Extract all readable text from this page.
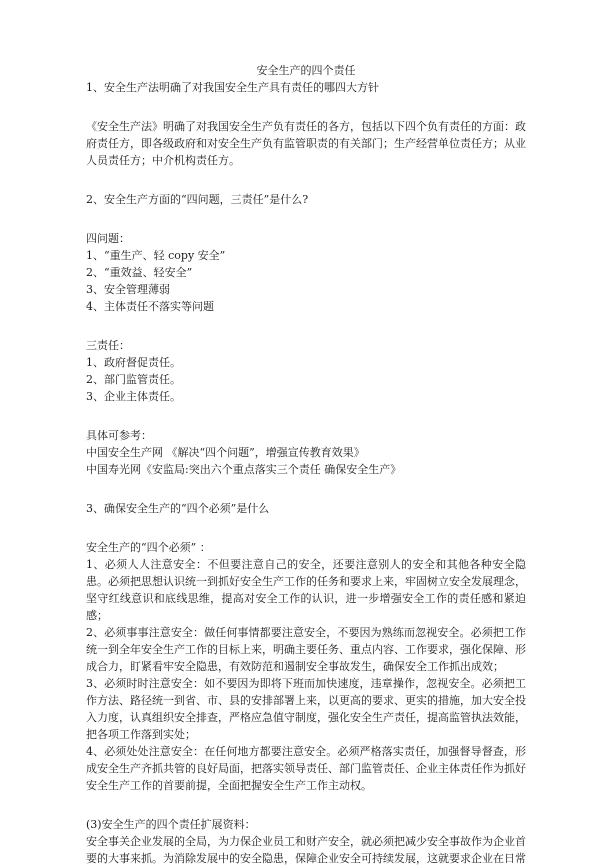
安全生产的四个责任

1、安全生产法明确了对我国安全生产具有责任的哪四大方针

《安全生产法》明确了对我国安全生产负有责任的各方，包括以下四个负有责任的方面：政府责任方，即各级政府和对安全生产负有监管职责的有关部门；生产经营单位责任方；从业人员责任方；中介机构责任方。

2、安全生产方面的“四问题，三责任”是什么?

四问题：

1、“重生产、轻 copy 安全”
2、“重效益、轻安全”
3、安全管理薄弱
4、主体责任不落实等问题

三责任：

1、政府督促责任。
2、部门监管责任。
3、企业主体责任。

具体可参考：

中国安全生产网 《解决“四个问题”，增强宣传教育效果》

中国寿光网《安监局:突出六个重点落实三个责任 确保安全生产》

3、确保安全生产的“四个必须”是什么

安全生产的“四个必须” ：

1、必须人人注意安全：不但要注意自己的安全，还要注意别人的安全和其他各种安全隐患。必须把思想认识统一到抓好安全生产工作的任务和要求上来，牢固树立安全发展理念，坚守红线意识和底线思维，提高对安全工作的认识，进一步增强安全工作的责任感和紧迫感；

2、必须事事注意安全：做任何事情都要注意安全，不要因为熟练而忽视安全。必须把工作统一到全年安全生产工作的目标上来，明确主要任务、重点内容、工作要求，强化保障、形成合力，盯紧看牢安全隐患，有效防范和遏制安全事故发生，确保安全工作抓出成效；

3、必须时时注意安全：如不要因为即将下班而加快速度，违章操作，忽视安全。必须把工作方法、路径统一到省、市、县的安排部署上来，以更高的要求、更实的措施，加大安全投入力度，认真组织安全排查，严格应急值守制度，强化安全生产责任，提高监管执法效能，把各项工作落到实处；

4、必须处处注意安全：在任何地方都要注意安全。必须严格落实责任，加强督导督查，形成安全生产齐抓共管的良好局面，把落实领导责任、部门监管责任、企业主体责任作为抓好安全生产工作的首要前提，全面把握安全生产工作主动权。

(3)安全生产的四个责任扩展资料：

安全事关企业发展的全局，为力保企业员工和财产安全，就必须把减少安全事故作为企业首要的大事来抓。为消除发展中的安全隐患，保障企业安全可持续发展，这就要求企业在日常
